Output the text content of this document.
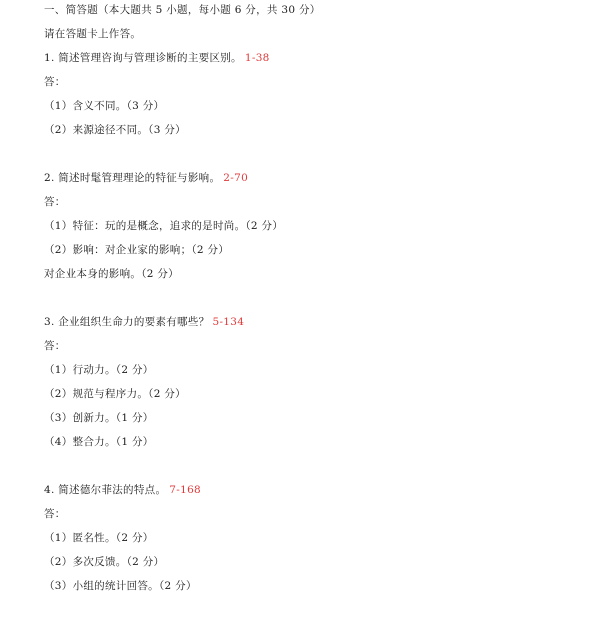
一、简答题（本大题共 5 小题，每小题 6 分，共 30 分）
请在答题卡上作答。
1. 简述管理咨询与管理诊断的主要区别。 1-38
答：
（1）含义不同。（3 分）
（2）来源途径不同。（3 分）
2. 简述时髦管理理论的特征与影响。 2-70
答：
（1）特征：玩的是概念，追求的是时尚。（2 分）
（2）影响：对企业家的影响；（2 分）
对企业本身的影响。（2 分）
3. 企业组织生命力的要素有哪些？ 5-134
答：
（1）行动力。（2 分）
（2）规范与程序力。（2 分）
（3）创新力。（1 分）
（4）整合力。（1 分）
4. 简述德尔菲法的特点。 7-168
答：
（1）匿名性。（2 分）
（2）多次反馈。（2 分）
（3）小组的统计回答。（2 分）
